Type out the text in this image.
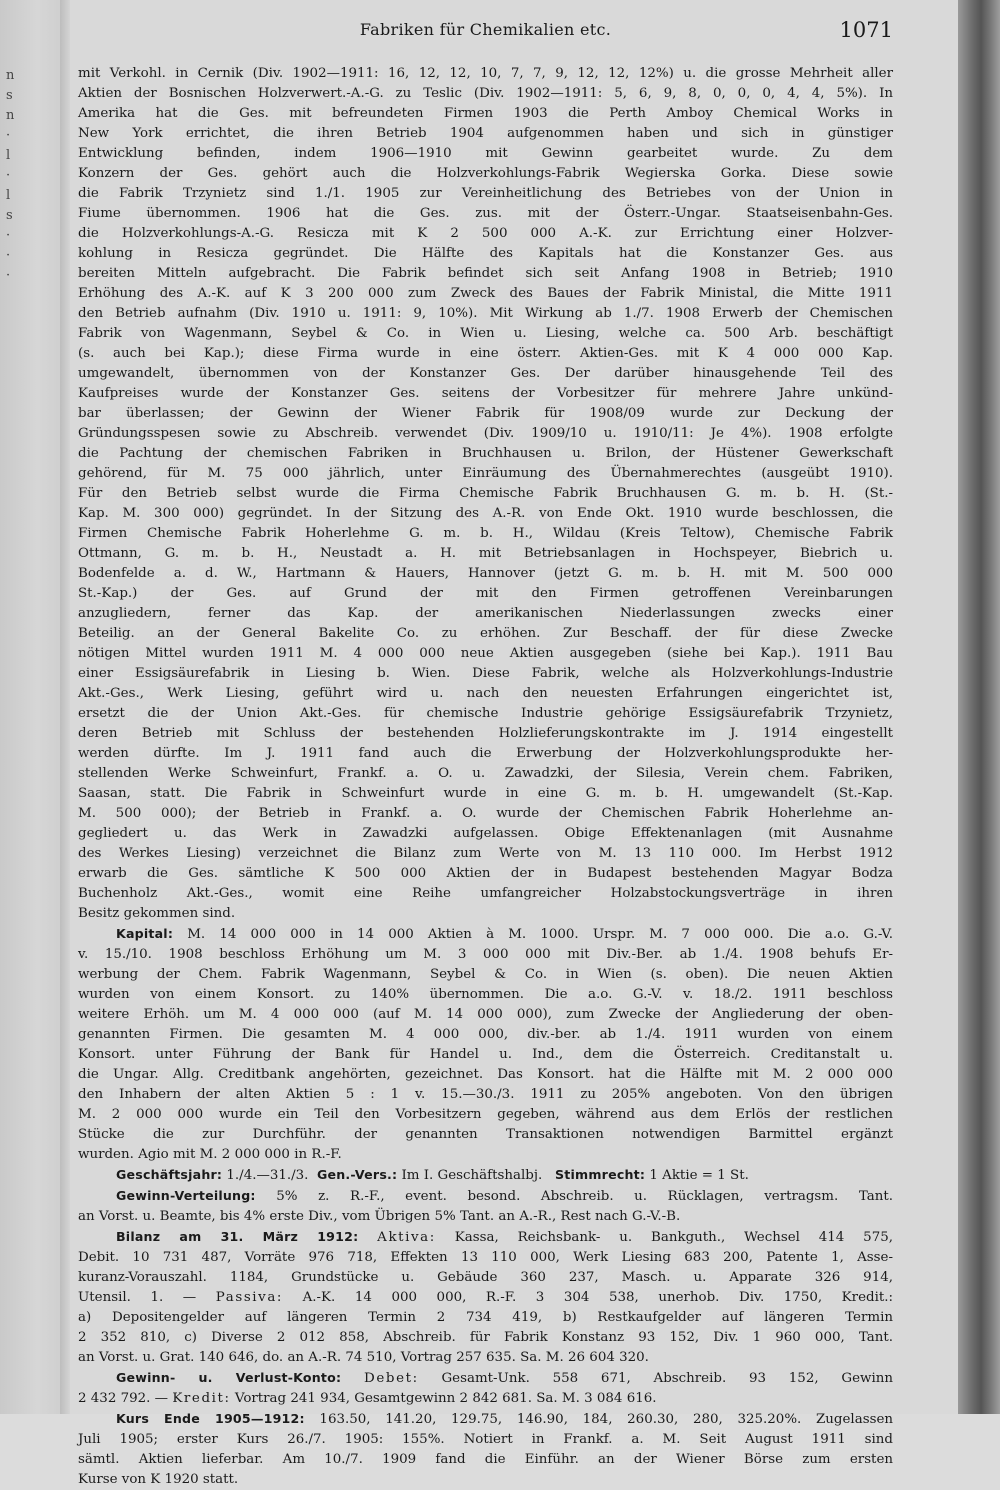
n
s
n
·
l
·
l
s
·
·
·
Fabriken für Chemikalien etc.	1071

mit Verkohl. in Cernik (Div. 1902—1911: 16, 12, 12, 10, 7, 7, 9, 12, 12, 12%) u. die grosse Mehrheit aller

Aktien der Bosnischen Holzverwert.-A.-G. zu Teslic (Div. 1902—1911: 5, 6, 9, 8, 0, 0, 0, 4, 4, 5%). In

Amerika hat die Ges. mit befreundeten Firmen 1903 die Perth Amboy Chemical Works in

New York errichtet, die ihren Betrieb 1904 aufgenommen haben und sich in günstiger

Entwicklung befinden, indem 1906—1910 mit Gewinn gearbeitet wurde. Zu dem

Konzern der Ges. gehört auch die Holzverkohlungs-Fabrik Wegierska Gorka. Diese sowie

die Fabrik Trzynietz sind 1./1. 1905 zur Vereinheitlichung des Betriebes von der Union in

Fiume übernommen. 1906 hat die Ges. zus. mit der Österr.-Ungar. Staatseisenbahn-Ges.

die Holzverkohlungs-A.-G. Resicza mit K 2 500 000 A.-K. zur Errichtung einer Holzver-

kohlung in Resicza gegründet. Die Hälfte des Kapitals hat die Konstanzer Ges. aus

bereiten Mitteln aufgebracht. Die Fabrik befindet sich seit Anfang 1908 in Betrieb; 1910

Erhöhung des A.-K. auf K 3 200 000 zum Zweck des Baues der Fabrik Ministal, die Mitte 1911

den Betrieb aufnahm (Div. 1910 u. 1911: 9, 10%). Mit Wirkung ab 1./7. 1908 Erwerb der Chemischen

Fabrik von Wagenmann, Seybel & Co. in Wien u. Liesing, welche ca. 500 Arb. beschäftigt

(s. auch bei Kap.); diese Firma wurde in eine österr. Aktien-Ges. mit K 4 000 000 Kap.

umgewandelt, übernommen von der Konstanzer Ges. Der darüber hinausgehende Teil des

Kaufpreises wurde der Konstanzer Ges. seitens der Vorbesitzer für mehrere Jahre unkünd-

bar überlassen; der Gewinn der Wiener Fabrik für 1908/09 wurde zur Deckung der

Gründungsspesen sowie zu Abschreib. verwendet (Div. 1909/10 u. 1910/11: Je 4%). 1908 erfolgte

die Pachtung der chemischen Fabriken in Bruchhausen u. Brilon, der Hüstener Gewerkschaft

gehörend, für M. 75 000 jährlich, unter Einräumung des Übernahmerechtes (ausgeübt 1910).

Für den Betrieb selbst wurde die Firma Chemische Fabrik Bruchhausen G. m. b. H. (St.-

Kap. M. 300 000) gegründet. In der Sitzung des A.-R. von Ende Okt. 1910 wurde beschlossen, die

Firmen Chemische Fabrik Hoherlehme G. m. b. H., Wildau (Kreis Teltow), Chemische Fabrik

Ottmann, G. m. b. H., Neustadt a. H. mit Betriebsanlagen in Hochspeyer, Biebrich u.

Bodenfelde a. d. W., Hartmann & Hauers, Hannover (jetzt G. m. b. H. mit M. 500 000

St.-Kap.) der Ges. auf Grund der mit den Firmen getroffenen Vereinbarungen

anzugliedern, ferner das Kap. der amerikanischen Niederlassungen zwecks einer

Beteilig. an der General Bakelite Co. zu erhöhen. Zur Beschaff. der für diese Zwecke

nötigen Mittel wurden 1911 M. 4 000 000 neue Aktien ausgegeben (siehe bei Kap.). 1911 Bau

einer Essigsäurefabrik in Liesing b. Wien. Diese Fabrik, welche als Holzverkohlungs-Industrie

Akt.-Ges., Werk Liesing, geführt wird u. nach den neuesten Erfahrungen eingerichtet ist,

ersetzt die der Union Akt.-Ges. für chemische Industrie gehörige Essigsäurefabrik Trzynietz,

deren Betrieb mit Schluss der bestehenden Holzlieferungskontrakte im J. 1914 eingestellt

werden dürfte. Im J. 1911 fand auch die Erwerbung der Holzverkohlungsprodukte her-

stellenden Werke Schweinfurt, Frankf. a. O. u. Zawadzki, der Silesia, Verein chem. Fabriken,

Saasan, statt. Die Fabrik in Schweinfurt wurde in eine G. m. b. H. umgewandelt (St.-Kap.

M. 500 000); der Betrieb in Frankf. a. O. wurde der Chemischen Fabrik Hoherlehme an-

gegliedert u. das Werk in Zawadzki aufgelassen. Obige Effektenanlagen (mit Ausnahme

des Werkes Liesing) verzeichnet die Bilanz zum Werte von M. 13 110 000. Im Herbst 1912

erwarb die Ges. sämtliche K 500 000 Aktien der in Budapest bestehenden Magyar Bodza

Buchenholz Akt.-Ges., womit eine Reihe umfangreicher Holzabstockungsverträge in ihren

Besitz gekommen sind.

Kapital: M. 14 000 000 in 14 000 Aktien à M. 1000. Urspr. M. 7 000 000. Die a.o. G.-V.

v. 15./10. 1908 beschloss Erhöhung um M. 3 000 000 mit Div.-Ber. ab 1./4. 1908 behufs Er-

werbung der Chem. Fabrik Wagenmann, Seybel & Co. in Wien (s. oben). Die neuen Aktien

wurden von einem Konsort. zu 140% übernommen. Die a.o. G.-V. v. 18./2. 1911 beschloss

weitere Erhöh. um M. 4 000 000 (auf M. 14 000 000), zum Zwecke der Angliederung der oben-

genannten Firmen. Die gesamten M. 4 000 000, div.-ber. ab 1./4. 1911 wurden von einem

Konsort. unter Führung der Bank für Handel u. Ind., dem die Österreich. Creditanstalt u.

die Ungar. Allg. Creditbank angehörten, gezeichnet. Das Konsort. hat die Hälfte mit M. 2 000 000

den Inhabern der alten Aktien 5 : 1 v. 15.—30./3. 1911 zu 205% angeboten. Von den übrigen

M. 2 000 000 wurde ein Teil den Vorbesitzern gegeben, während aus dem Erlös der restlichen

Stücke die zur Durchführ. der genannten Transaktionen notwendigen Barmittel ergänzt

wurden. Agio mit M. 2 000 000 in R.-F.

Geschäftsjahr: 1./4.—31./3. Gen.-Vers.: Im I. Geschäftshalbj. Stimmrecht: 1 Aktie = 1 St.

Gewinn-Verteilung: 5% z. R.-F., event. besond. Abschreib. u. Rücklagen, vertragsm. Tant.

an Vorst. u. Beamte, bis 4% erste Div., vom Übrigen 5% Tant. an A.-R., Rest nach G.-V.-B.

Bilanz am 31. März 1912: Aktiva: Kassa, Reichsbank- u. Bankguth., Wechsel 414 575,

Debit. 10 731 487, Vorräte 976 718, Effekten 13 110 000, Werk Liesing 683 200, Patente 1, Asse-

kuranz-Vorauszahl. 1184, Grundstücke u. Gebäude 360 237, Masch. u. Apparate 326 914,

Utensil. 1. — Passiva: A.-K. 14 000 000, R.-F. 3 304 538, unerhob. Div. 1750, Kredit.:

a) Depositengelder auf längeren Termin 2 734 419, b) Restkaufgelder auf längeren Termin

2 352 810, c) Diverse 2 012 858, Abschreib. für Fabrik Konstanz 93 152, Div. 1 960 000, Tant.

an Vorst. u. Grat. 140 646, do. an A.-R. 74 510, Vortrag 257 635. Sa. M. 26 604 320.

Gewinn- u. Verlust-Konto: Debet: Gesamt-Unk. 558 671, Abschreib. 93 152, Gewinn

2 432 792. — Kredit: Vortrag 241 934, Gesamtgewinn 2 842 681. Sa. M. 3 084 616.

Kurs Ende 1905—1912: 163.50, 141.20, 129.75, 146.90, 184, 260.30, 280, 325.20%. Zugelassen

Juli 1905; erster Kurs 26./7. 1905: 155%. Notiert in Frankf. a. M. Seit August 1911 sind

sämtl. Aktien lieferbar. Am 10./7. 1909 fand die Einführ. an der Wiener Börse zum ersten

Kurse von K 1920 statt.
